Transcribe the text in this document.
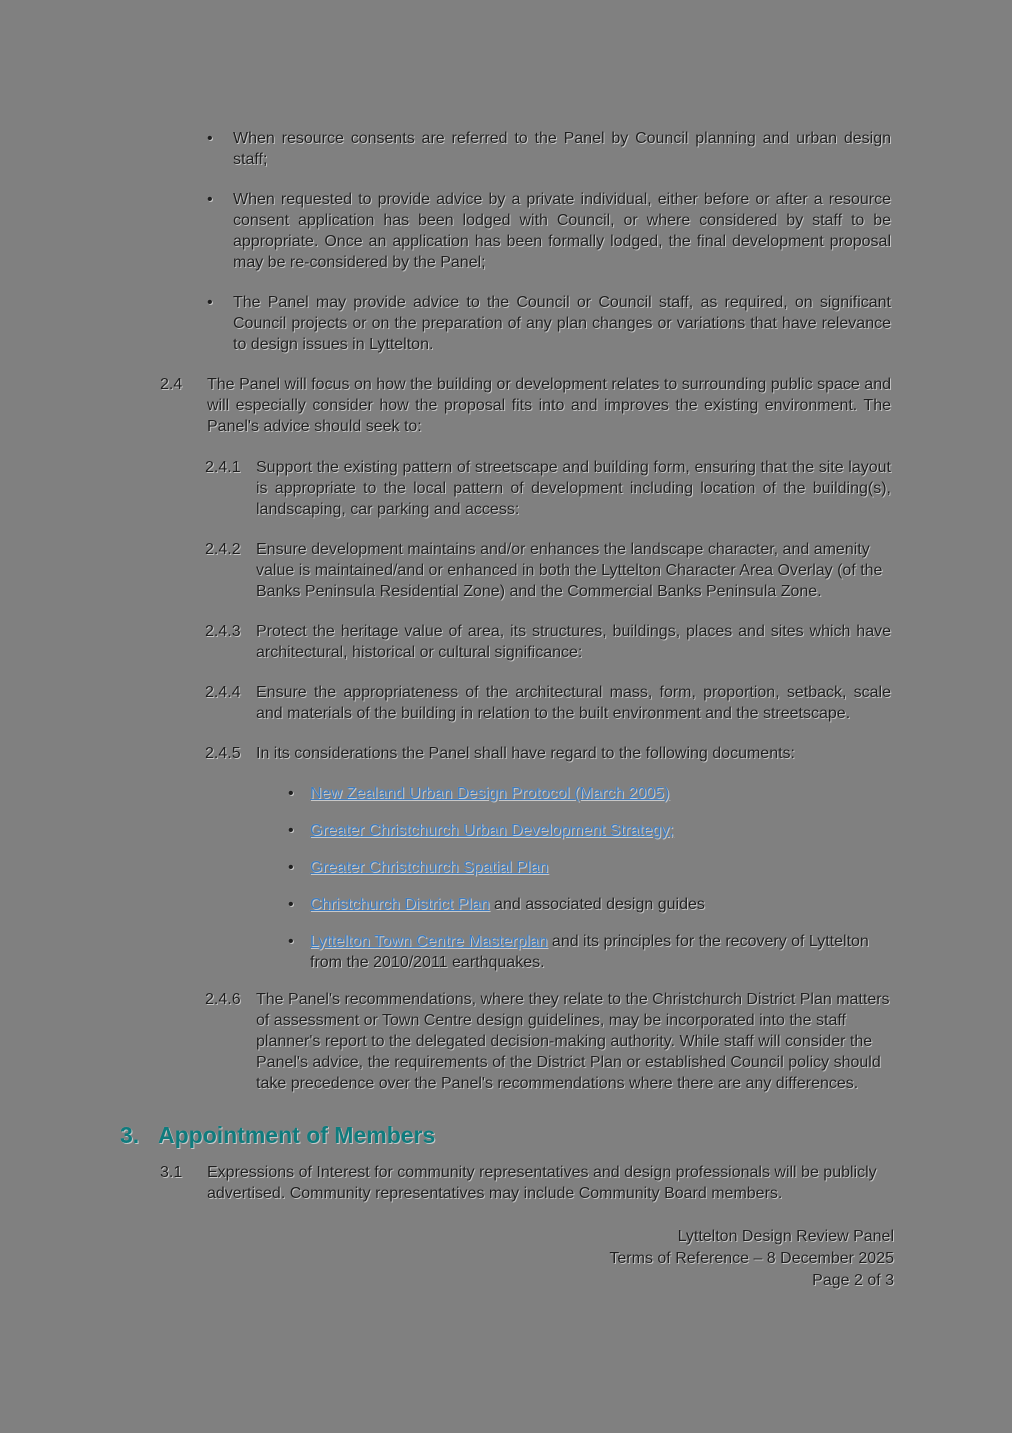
•

When resource consents are referred to the Panel by Council planning and urban design staff;

•

When requested to provide advice by a private individual, either before or after a resource consent application has been lodged with Council, or where considered by staff to be appropriate. Once an application has been formally lodged, the final development proposal may be re-considered by the Panel;

•

The Panel may provide advice to the Council or Council staff, as required, on significant Council projects or on the preparation of any plan changes or variations that have relevance to design issues in Lyttelton.

2.4	The Panel will focus on how the building or development relates to surrounding public space and will especially consider how the proposal fits into and improves the existing environment. The Panel's advice should seek to:

2.4.1 Support the existing pattern of streetscape and building form, ensuring that the site layout is appropriate to the local pattern of development including location of the building(s), landscaping, car parking and access:

2.4.2 Ensure development maintains and/or enhances the landscape character, and amenity value is maintained/and or enhanced in both the Lyttelton Character Area Overlay (of the Banks Peninsula Residential Zone) and the Commercial Banks Peninsula Zone.

2.4.3 Protect the heritage value of area, its structures, buildings, places and sites which have architectural, historical or cultural significance:

2.4.4 Ensure the appropriateness of the architectural mass, form, proportion, setback, scale and materials of the building in relation to the built environment and the streetscape.

2.4.5 In its considerations the Panel shall have regard to the following documents:

•

New Zealand Urban Design Protocol (March 2005)

•

Greater Christchurch Urban Development Strategy;

•

Greater Christchurch Spatial Plan

•

Christchurch District Plan and associated design guides

•

Lyttelton Town Centre Masterplan and its principles for the recovery of Lyttelton from the 2010/2011 earthquakes.

2.4.6 The Panel's recommendations, where they relate to the Christchurch District Plan matters of assessment or Town Centre design guidelines, may be incorporated into the staff planner's report to the delegated decision-making authority. While staff will consider the Panel's advice, the requirements of the District Plan or established Council policy should take precedence over the Panel's recommendations where there are any differences.

3. Appointment of Members
3.1	Expressions of Interest for community representatives and design professionals will be publicly advertised. Community representatives may include Community Board members.

Lyttelton Design Review Panel

Terms of Reference – 8 December 2025

Page 2 of 3
